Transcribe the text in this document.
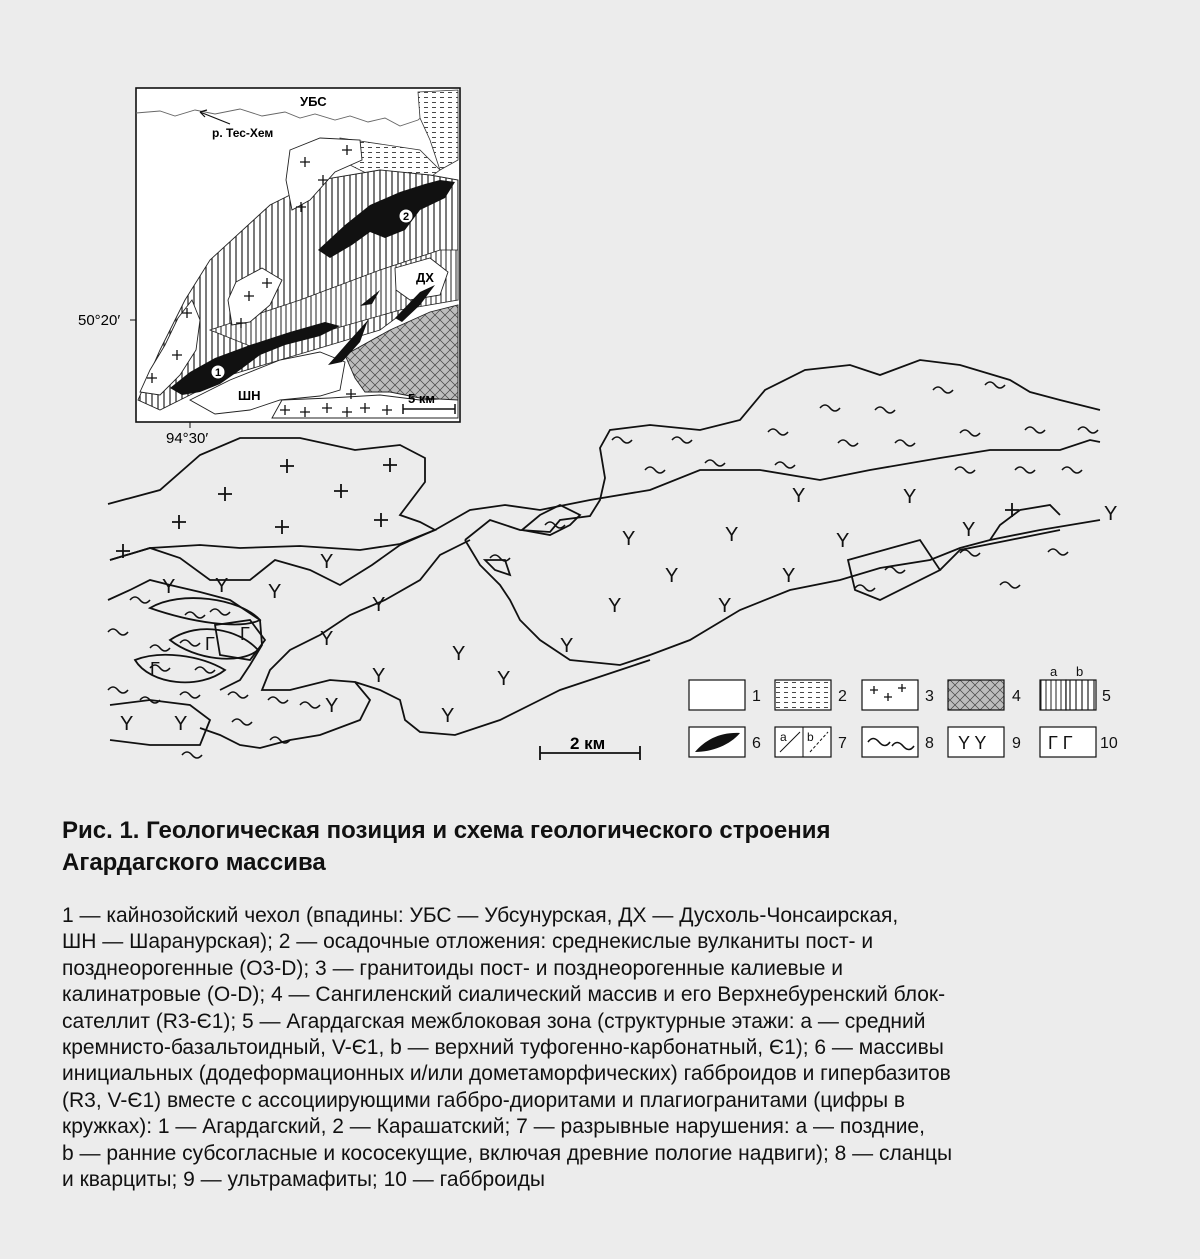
1
2
УБС
р. Тес-Хем
ДХ
ШН	5 км
50°20′
94°30′
Y	Y	Y
Y	Y
Y
Y
Y
Y
Y
Y
Y
Y
Y
Y
Y
Y
Y
Y
Y
Y Y
Y Y
Y
Г
Г
Г
2 км
1	2	3	4
a b
5
6 a b 7	8 Y Y 9 Г Г 10
Рис. 1. Геологическая позиция и схема геологического строения
Агардагского массива
1 — кайнозойский чехол (впадины: УБС — Убсунурская, ДХ — Дусхоль-Чонсаирская,
ШН — Шаранурская); 2 — осадочные отложения: среднекислые вулканиты пост- и
позднеорогенные (О3-D); 3 — гранитоиды пост- и позднеорогенные калиевые и
калинатровые (О-D); 4 — Сангиленский сиалический массив и его Верхнебуренский блок-
сателлит (R3-Є1); 5 — Агардагская межблоковая зона (структурные этажи: а — средний
кремнисто-базальтоидный, V-Є1, b — верхний туфогенно-карбонатный, Є1); 6 — массивы
инициальных (додеформационных и/или дометаморфических) габброидов и гипербазитов
(R3, V-Є1) вместе с ассоциирующими габбро-диоритами и плагиогранитами (цифры в
кружках): 1 — Агардагский, 2 — Карашатский; 7 — разрывные нарушения: а — поздние,
b — ранние субсогласные и кососекущие, включая древние пологие надвиги); 8 — сланцы
и кварциты; 9 — ультрамафиты; 10 — габброиды
